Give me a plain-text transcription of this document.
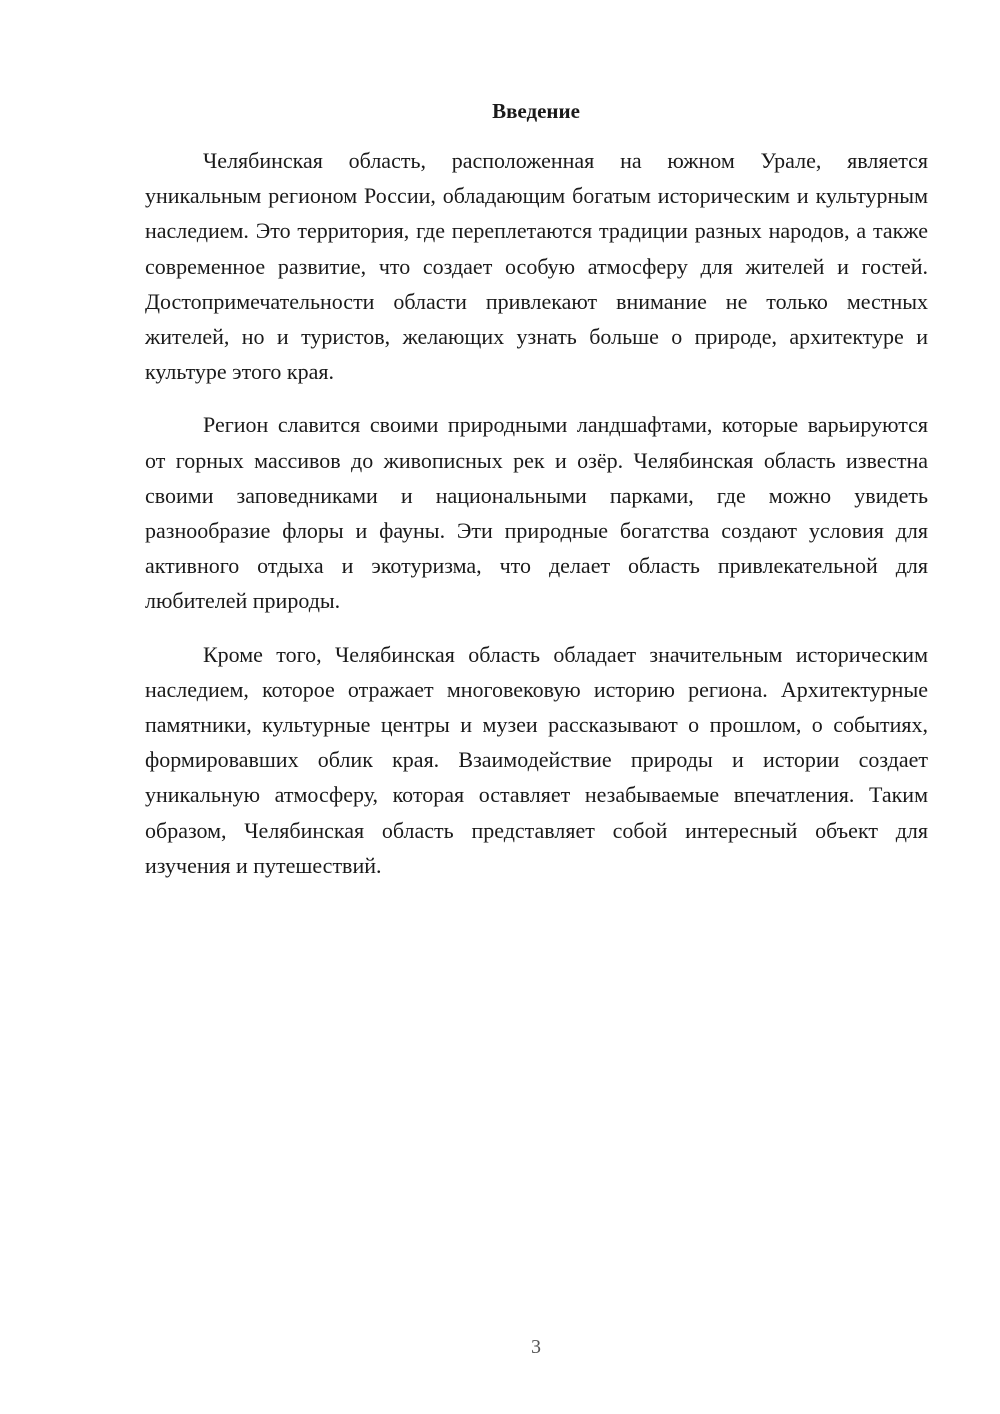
Введение

Челябинская область, расположенная на южном Урале, является уникальным регионом России, обладающим богатым историческим и культурным наследием. Это территория, где переплетаются традиции разных народов, а также современное развитие, что создает особую атмосферу для жителей и гостей. Достопримечательности области привлекают внимание не только местных жителей, но и туристов, желающих узнать больше о природе, архитектуре и культуре этого края.

Регион славится своими природными ландшафтами, которые варьируются от горных массивов до живописных рек и озёр. Челябинская область известна своими заповедниками и национальными парками, где можно увидеть разнообразие флоры и фауны. Эти природные богатства создают условия для активного отдыха и экотуризма, что делает область привлекательной для любителей природы.

Кроме того, Челябинская область обладает значительным историческим наследием, которое отражает многовековую историю региона. Архитектурные памятники, культурные центры и музеи рассказывают о прошлом, о событиях, формировавших облик края. Взаимодействие природы и истории создает уникальную атмосферу, которая оставляет незабываемые впечатления. Таким образом, Челябинская область представляет собой интересный объект для изучения и путешествий.

3
